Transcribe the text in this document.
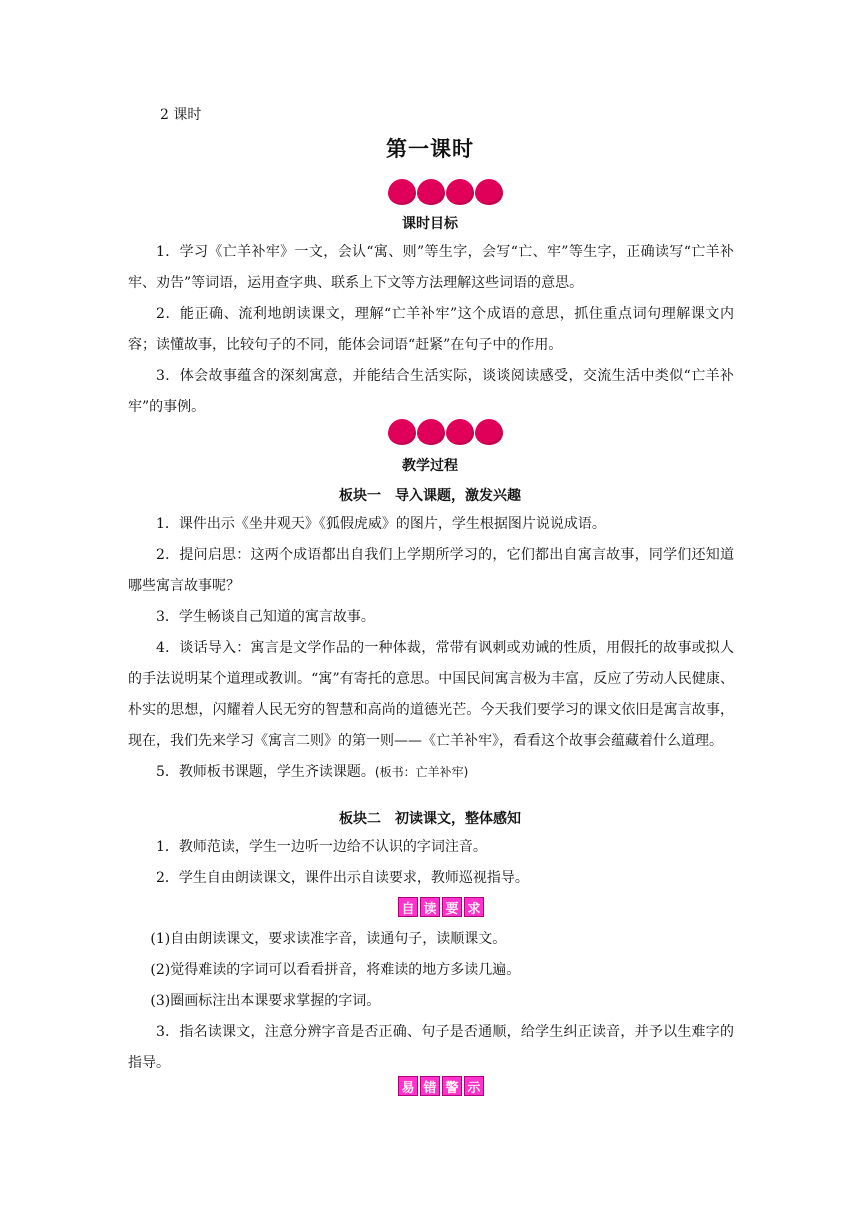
2 课时
第一课时
课时目标

1．学习《亡羊补牢》一文，会认“寓、则”等生字，会写“亡、牢”等生字，正确读写“亡羊补牢、劝告”等词语，运用查字典、联系上下文等方法理解这些词语的意思。

2．能正确、流利地朗读课文，理解“亡羊补牢”这个成语的意思，抓住重点词句理解课文内容；读懂故事，比较句子的不同，能体会词语“赶紧”在句子中的作用。

3．体会故事蕴含的深刻寓意，并能结合生活实际，谈谈阅读感受，交流生活中类似“亡羊补牢”的事例。

教学过程
板块一　导入课题，激发兴趣

1．课件出示《坐井观天》《狐假虎威》的图片，学生根据图片说说成语。

2．提问启思：这两个成语都出自我们上学期所学习的，它们都出自寓言故事，同学们还知道哪些寓言故事呢？

3．学生畅谈自己知道的寓言故事。

4．谈话导入：寓言是文学作品的一种体裁，常带有讽刺或劝诫的性质，用假托的故事或拟人的手法说明某个道理或教训。“寓”有寄托的意思。中国民间寓言极为丰富，反应了劳动人民健康、朴实的思想，闪耀着人民无穷的智慧和高尚的道德光芒。今天我们要学习的课文依旧是寓言故事，现在，我们先来学习《寓言二则》的第一则——《亡羊补牢》，看看这个故事会蕴藏着什么道理。

5．教师板书课题，学生齐读课题。(板书：亡羊补牢)

板块二　初读课文，整体感知

1．教师范读，学生一边听一边给不认识的字词注音。

2．学生自由朗读课文，课件出示自读要求，教师巡视指导。

自 读 要 求

(1)自由朗读课文，要求读准字音，读通句子，读顺课文。

(2)觉得难读的字词可以看看拼音，将难读的地方多读几遍。

(3)圈画标注出本课要求掌握的字词。

3．指名读课文，注意分辨字音是否正确、句子是否通顺，给学生纠正读音，并予以生难字的指导。

易 错 警 示
